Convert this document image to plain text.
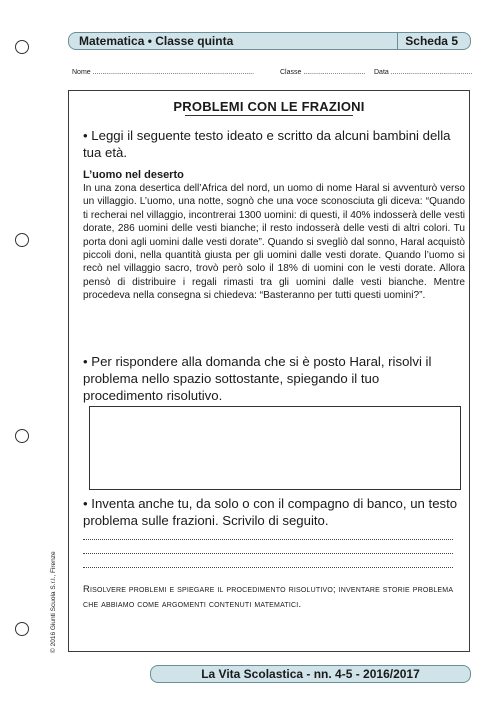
Matematica • Classe quinta	Scheda 5
Nome ...................................................................................	Classe ................................ Data ..........................................
PROBLEMI CON LE FRAZIONI
• Leggi il seguente testo ideato e scritto da alcuni bambini della tua età.
L’uomo nel deserto
In una zona desertica dell’Africa del nord, un uomo di nome Haral si avventurò verso un villaggio. L’uomo, una notte, sognò che una voce sconosciuta gli diceva: “Quando ti recherai nel villaggio, incontrerai 1300 uomini: di questi, il 40% indosserà delle vesti dorate, 286 uomini delle vesti bianche; il resto indosserà delle vesti di altri colori. Tu porta doni agli uomini dalle vesti dorate”. Quando si svegliò dal sonno, Haral acquistò piccoli doni, nella quantità giusta per gli uomini dalle vesti dorate. Quando l’uomo si recò nel villaggio sacro, trovò però solo il 18% di uomini con le vesti dorate. Allora pensò di distribuire i regali rimasti tra gli uomini dalle vesti bianche. Mentre procedeva nella consegna si chiedeva: “Basteranno per tutti questi uomini?”.
• Per rispondere alla domanda che si è posto Haral, risolvi il problema nello spazio sottostante, spiegando il tuo procedimento risolutivo.
• Inventa anche tu, da solo o con il compagno di banco, un testo problema sulle frazioni. Scrivilo di seguito.
Risolvere problemi e spiegare il procedimento risolutivo; inventare storie problema che abbiamo come argomenti contenuti matematici.
© 2016 Giunti Scuola S.r.l., Firenze
La Vita Scolastica - nn. 4-5 - 2016/2017
